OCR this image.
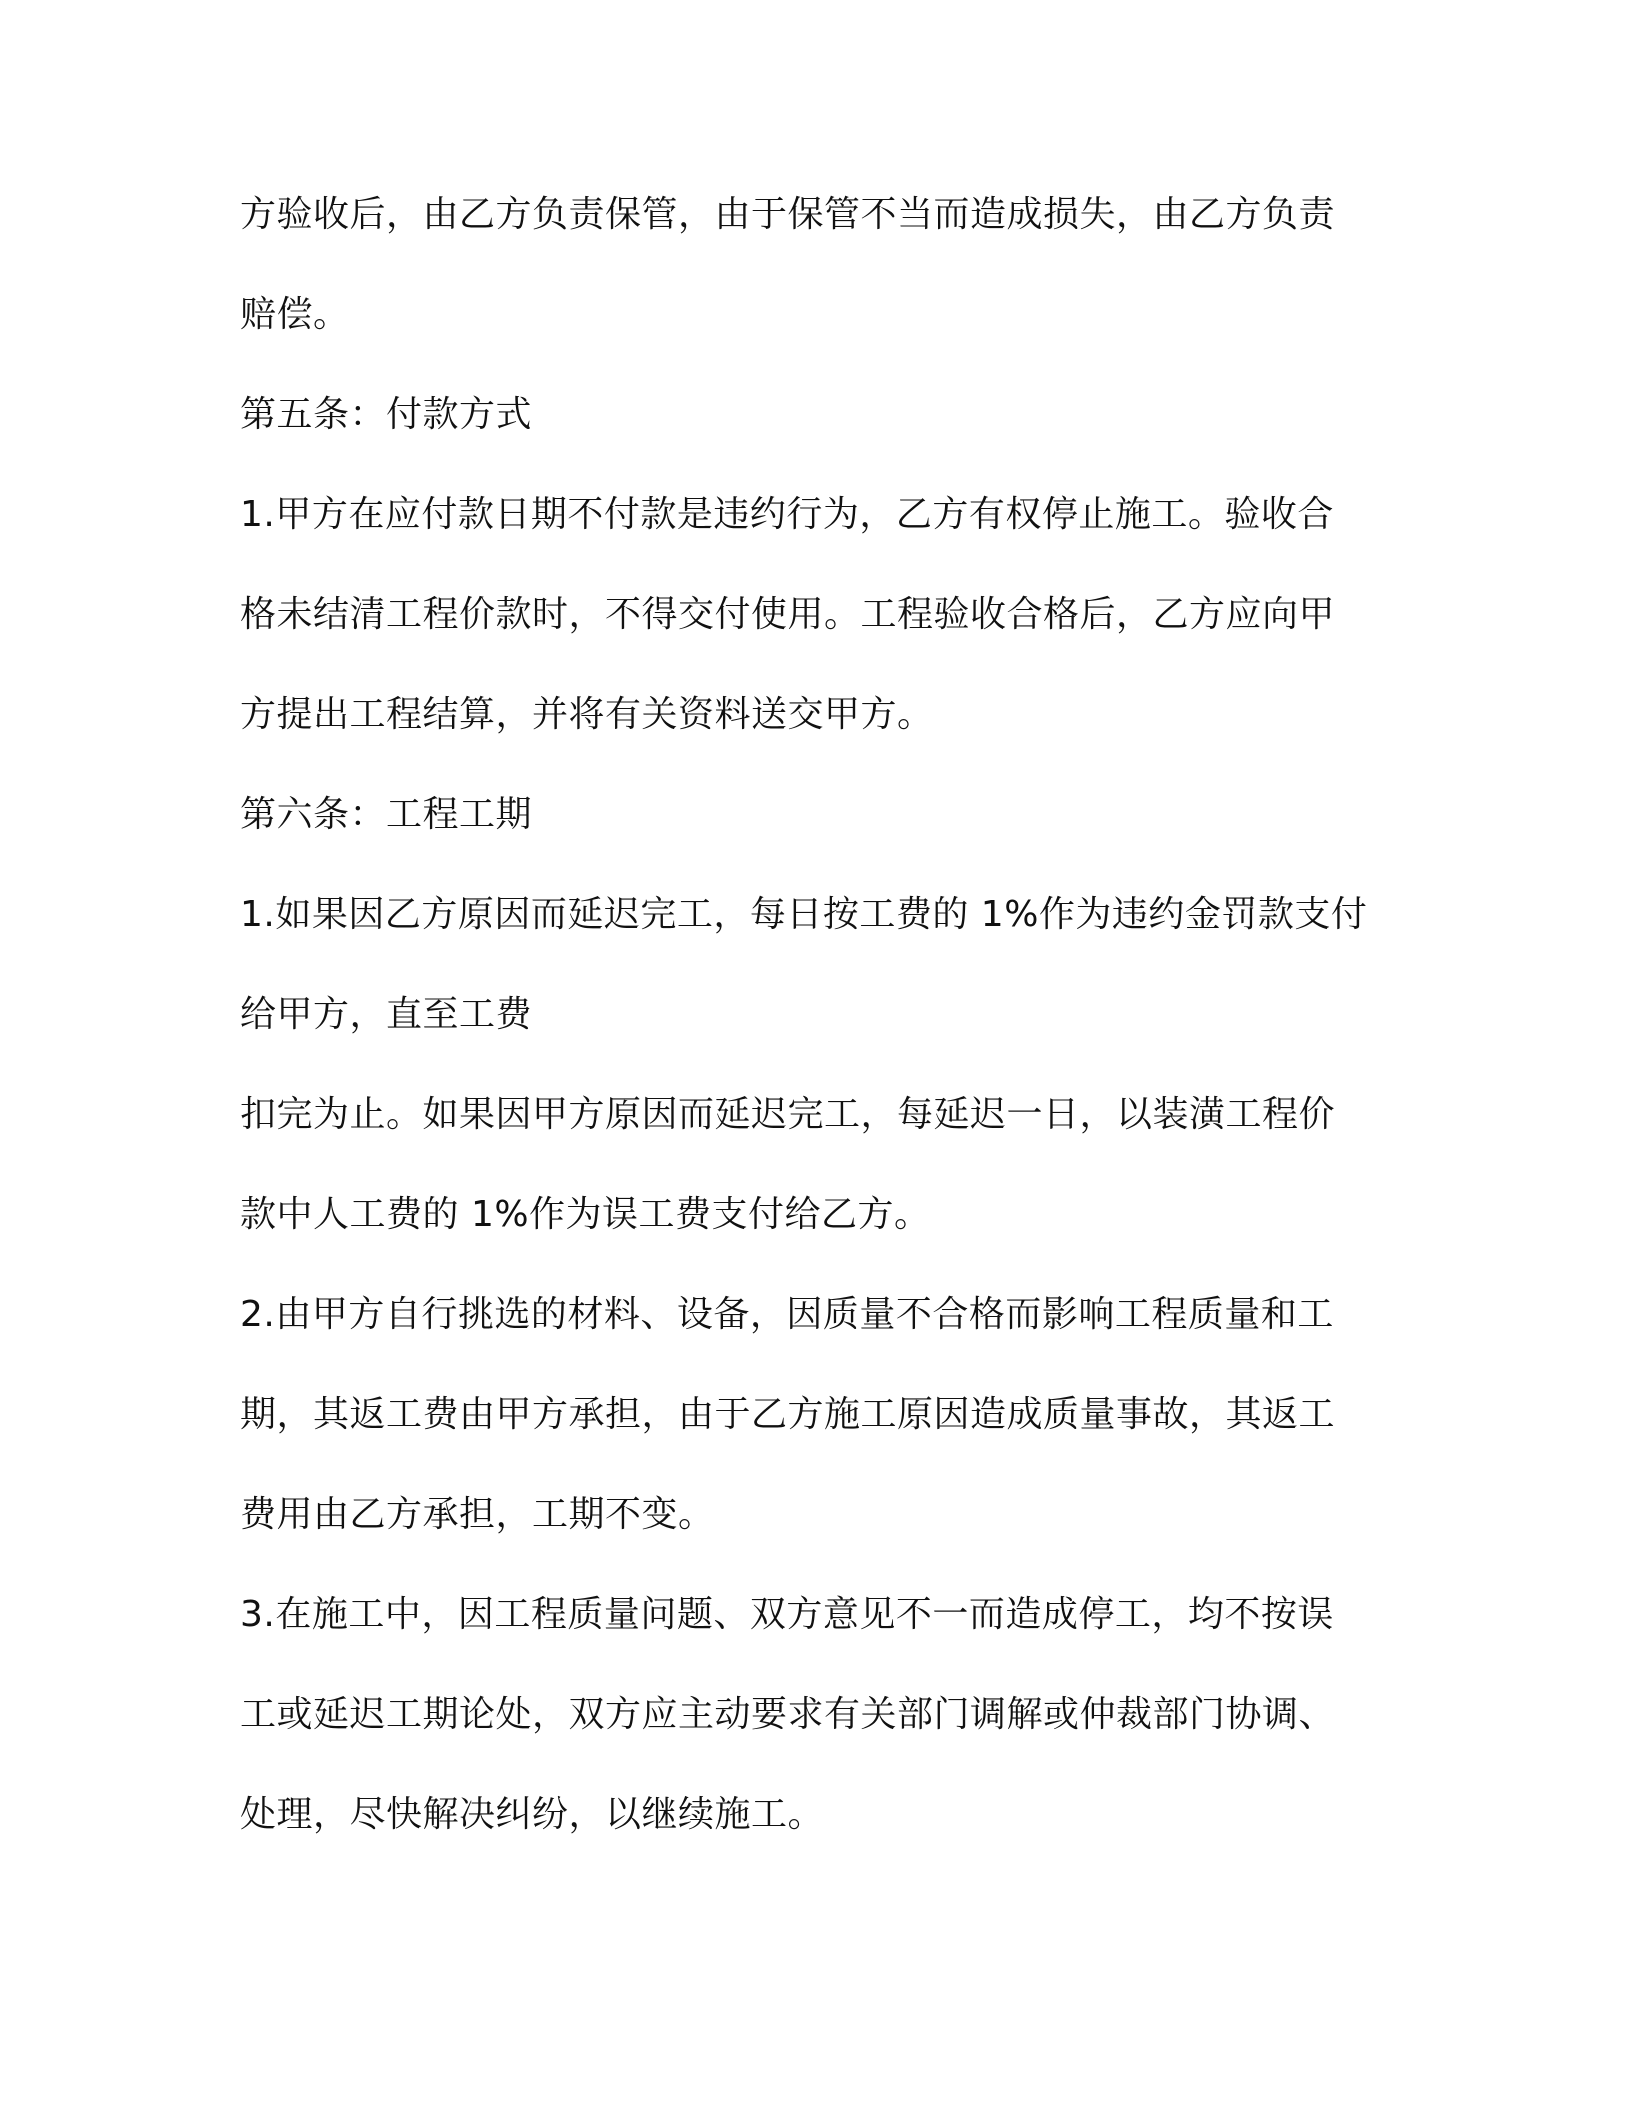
方验收后，由乙方负责保管，由于保管不当而造成损失，由乙方负责
赔偿。
第五条：付款方式
1.甲方在应付款日期不付款是违约行为，乙方有权停止施工。验收合
格未结清工程价款时，不得交付使用。工程验收合格后，乙方应向甲
方提出工程结算，并将有关资料送交甲方。
第六条：工程工期
1.如果因乙方原因而延迟完工，每日按工费的 1%作为违约金罚款支付
给甲方，直至工费
扣完为止。如果因甲方原因而延迟完工，每延迟一日，以装潢工程价
款中人工费的 1%作为误工费支付给乙方。
2.由甲方自行挑选的材料、设备，因质量不合格而影响工程质量和工
期，其返工费由甲方承担，由于乙方施工原因造成质量事故，其返工
费用由乙方承担，工期不变。
3.在施工中，因工程质量问题、双方意见不一而造成停工，均不按误
工或延迟工期论处，双方应主动要求有关部门调解或仲裁部门协调、
处理，尽快解决纠纷，以继续施工。
